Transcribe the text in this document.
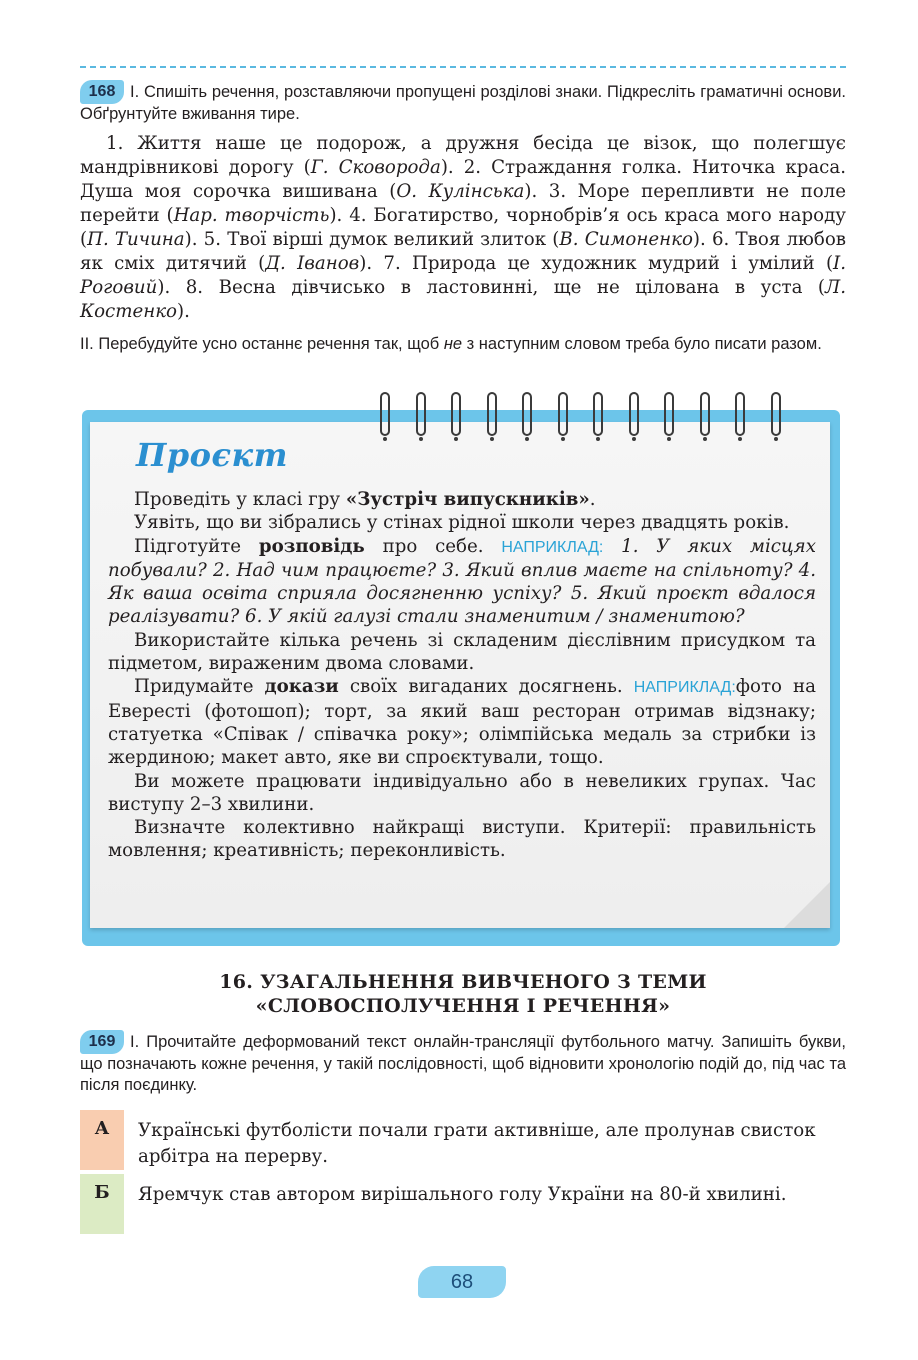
168 І. Спишіть речення, розставляючи пропущені розділові знаки. Підкресліть граматичні основи. Обґрунтуйте вживання тире.

1. Життя наше це подорож, а дружня бесіда це візок, що полегшує мандрівникові дорогу (Г. Сковорода). 2. Страждання голка. Ниточка краса. Душа моя сорочка вишивана (О. Кулінська). 3. Море перепливти не поле перейти (Нар. творчість). 4. Богатирство, чорнобрів’я ось краса мого народу (П. Тичина). 5. Твої вірші думок великий злиток (В. Симоненко). 6. Твоя любов як сміх дитячий (Д. Іванов). 7. Природа це художник мудрий і умілий (І. Роговий). 8. Весна дівчисько в ластовинні, ще не цілована в уста (Л. Костенко).

ІІ. Перебудуйте усно останнє речення так, щоб не з наступним словом треба було писати разом.
Проєкт

Проведіть у класі гру «Зустріч випускників».

Уявіть, що ви зібрались у стінах рідної школи через двадцять років.

Підготуйте розповідь про себе. НАПРИКЛАД: 1. У яких місцях побували? 2. Над чим працюєте? 3. Який вплив маєте на спільноту? 4. Як ваша освіта сприяла досягненню успіху? 5. Який проєкт вдалося реалізувати? 6. У якій галузі стали знаменитим / знаменитою?

Використайте кілька речень зі складеним дієслівним присудком та підметом, вираженим двома словами.

Придумайте докази своїх вигаданих досягнень. НАПРИКЛАД:фото на Евересті (фотошоп); торт, за який ваш ресторан отримав відзнаку; статуетка «Співак / співачка року»; олімпійська медаль за стрибки із жердиною; макет авто, яке ви спроєктували, тощо.

Ви можете працювати індивідуально або в невеликих групах. Час виступу 2–3 хвилини.

Визначте колективно найкращі виступи. Критерії: правильність мовлення; креативність; переконливість.

16. УЗАГАЛЬНЕННЯ ВИВЧЕНОГО З ТЕМИ
«СЛОВОСПОЛУЧЕННЯ І РЕЧЕННЯ»
169 І. Прочитайте деформований текст онлайн-трансляції футбольного матчу. Запишіть букви, що позначають кожне речення, у такій послідовності, щоб відновити хронологію подій до, під час та після поєдинку.
А	Українські футболісти почали грати активніше, але пролунав свисток арбітра на перерву.
Б	Яремчук став автором вирішального голу України на 80-й хвилині.
68
